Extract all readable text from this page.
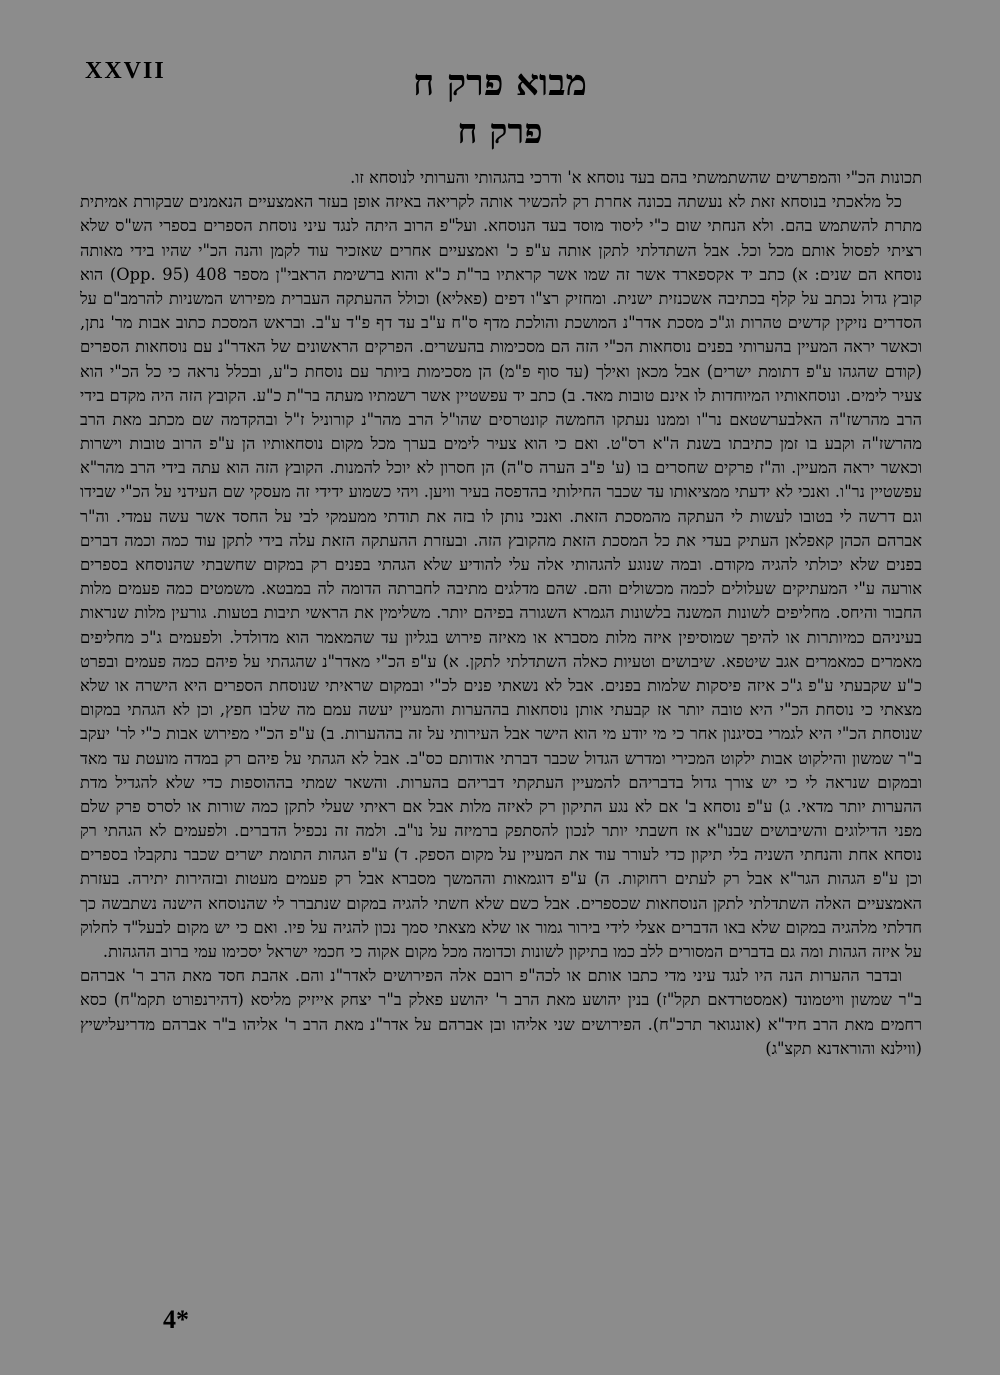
XXVII	מבוא פרק ח
פרק ח

תכונות הכ"י והמפרשים שהשתמשתי בהם בעד נוסחא א' ודרכי בהגהותי והערותי לנוסחא זו.

כל מלאכתי בנוסחא זאת לא נעשתה בכונה אחרת רק להכשיר אותה לקריאה באיזה אופן בעזר האמצעיים הנאמנים שבקורת אמיתית מתרת להשתמש בהם. ולא הנחתי שום כ"י ליסוד מוסד בעד הנוסחא. ועל"פ הרוב היתה לנגד עיני נוסחת הספרים בספרי הש"ס שלא רציתי לפסול אותם מכל וכל. אבל השתדלתי לתקן אותה ע"פ כ' ואמצעיים אחרים שאזכיר עוד לקמן והנה הכ"י שהיו בידי מאותה נוסחא הם שנים: א) כתב יד אקספארד אשר זה שמו אשר קראתיו בר"ת כ"א והוא ברשימת הראבי"ן מספר 408 (Opp. 95) הוא קובץ גדול נכתב על קלף בכתיבה אשכנזית ישנית. ומחזיק רצ"ו דפים (פאליא) וכולל ההעתקה העברית מפירוש המשניות להרמב"ם על הסדרים נזיקין קדשים טהרות וג"כ מסכת אדר"נ המושכת והולכת מדף ס"ח ע"ב עד דף פ"ד ע"ב. ובראש המסכת כתוב אבות מר' נתן, וכאשר יראה המעיין בהערותי בפנים נוסחאות הכ"י הזה הם מסכימות בהעשרים. הפרקים הראשונים של האדר"נ עם נוסחאות הספרים (קודם שהגהו ע"פ דתומת ישרים) אבל מכאן ואילך (עד סוף פ"מ) הן מסכימות ביותר עם נוסחת כ"ע, ובכלל נראה כי כל הכ"י הוא צעיר לימים. ונוסחאותיו המיוחדות לו אינם טובות מאד. ב) כתב יד עפשטיין אשר רשמתיו מעתה בר"ת כ"ע. הקובץ הזה היה מקדם בידי הרב מהרשז"ה האלבערשטאם נר"ו וממנו נעתקו החמשה קונטרסים שהו"ל הרב מהר"נ קורוניל ז"ל ובהקדמה שם מכתב מאת הרב מהרשז"ה וקבע בו זמן כתיבתו בשנת ה"א רס"ט. ואם כי הוא צעיר לימים בערך מכל מקום נוסחאותיו הן ע"פ הרוב טובות וישרות וכאשר יראה המעיין. וה"ז פרקים שחסרים בו (ע' פ"ב הערה ס"ה) הן חסרון לא יוכל להמנות. הקובץ הזה הוא עתה בידי הרב מהר"א עפשטיין נר"ו. ואנכי לא ידעתי ממציאותו עד שכבר החילותי בהדפסה בעיר וויען. ויהי כשמוע ידידי זה מעסקי שם העידני על הכ"י שבידו וגם דרשה לי בטובו לעשות לי העתקה מהמסכת הזאת. ואנכי נותן לו בזה את תודתי ממעמקי לבי על החסד אשר עשה עמדי. וה"ר אברהם הכהן קאפלאן העתיק בעדי את כל המסכת הזאת מהקובץ הזה. ובעזרת ההעתקה הזאת עלה בידי לתקן עוד כמה וכמה דברים בפנים שלא יכולתי להגיה מקודם. ובמה שנוגע להגהותי אלה עלי להודיע שלא הגהתי בפנים רק במקום שחשבתי שהנוסחא בספרים אורעה ע"י המעתיקים שעלולים לכמה מכשולים והם. שהם מדלגים מתיבה לחברתה הדומה לה במבטא. משמטים כמה פעמים מלות החבור והיחס. מחליפים לשונות המשנה בלשונות הגמרא השגורה בפיהם יותר. משלימין את הראשי תיבות בטעות. גורעין מלות שנראות בעיניהם כמיותרות או להיפך שמוסיפין איזה מלות מסברא או מאיזה פירוש בגליון עד שהמאמר הוא מדולדל. ולפעמים ג"כ מחליפים מאמרים כמאמרים אגב שיטפא. שיבושים וטעיות כאלה השתדלתי לתקן. א) ע"פ הכ"י מאדר"נ שהגהתי על פיהם כמה פעמים ובפרט כ"ע שקבעתי ע"פ ג"כ איזה פיסקות שלמות בפנים. אבל לא נשאתי פנים לכ"י ובמקום שראיתי שנוסחת הספרים היא הישרה או שלא מצאתי כי נוסחת הכ"י היא טובה יותר אז קבעתי אותן נוסחאות בההערות והמעיין יעשה עמם מה שלבו חפץ, וכן לא הגהתי במקום שנוסחת הכ"י היא לגמרי בסיגנון אחר כי מי יודע מי הוא הישר אבל העירותי על זה בההערות. ב) ע"פ הכ"י מפירוש אבות כ"י לר' יעקב ב"ר שמשון והילקוט אבות ילקוט המכירי ומדרש הגדול שכבר דברתי אודותם כס"ב. אבל לא הגהתי על פיהם רק במדה מועטת עד מאד ובמקום שנראה לי כי יש צורך גדול בדבריהם להמעיין העתקתי דבריהם בהערות. והשאר שמתי בההוספות כדי שלא להגדיל מדת ההערות יותר מדאי. ג) ע"פ נוסחא ב' אם לא נגע התיקון רק לאיזה מלות אבל אם ראיתי שעלי לתקן כמה שורות או לסרס פרק שלם מפני הדילוגים והשיבושים שבנו"א אז חשבתי יותר לנכון להסתפק ברמיזה על נו"ב. ולמה זה נכפיל הדברים. ולפעמים לא הגהתי רק נוסחא אחת והנחתי השניה בלי תיקון כדי לעורר עוד את המעיין על מקום הספק. ד) ע"פ הגהות התומת ישרים שכבר נתקבלו בספרים וכן ע"פ הגהות הגר"א אבל רק לעתים רחוקות. ה) ע"פ דוגמאות וההמשך מסברא אבל רק פעמים מעטות ובזהירות יתירה. בעזרת האמצעיים האלה השתדלתי לתקן הנוסחאות שכספרים. אבל כשם שלא חשתי להגיה במקום שנתברר לי שהנוסחא הישנה נשתבשה כך חדלתי מלהגיה במקום שלא באו הדברים אצלי לידי בירור גמור או שלא מצאתי סמך נכון להגיה על פיו. ואם כי יש מקום לבעל"ד לחלוק על איזה הגהות ומה גם בדברים המסורים ללב כמו בתיקון לשונות וכדומה מכל מקום אקוה כי חכמי ישראל יסכימו עמי ברוב ההגהות.

ובדבר ההערות הנה היו לנגד עיני מדי כתבו אותם או לכה"פ רובם אלה הפירושים לאדר"נ והם. אהבת חסד מאת הרב ר' אברהם ב"ר שמשון וויטמונד (אמסטרדאם תקל"ז) בנין יהושע מאת הרב ר' יהושע פאלק ב"ר יצחק אייזיק מליסא (דהירנפורט תקמ"ח) כסא רחמים מאת הרב חיד"א (אונגואר תרכ"ח). הפירושים שני אליהו ובן אברהם על אדר"נ מאת הרב ר' אליהו ב"ר אברהם מדריעלישיץ (ווילנא והוראדנא תקצ"ג)

4*
